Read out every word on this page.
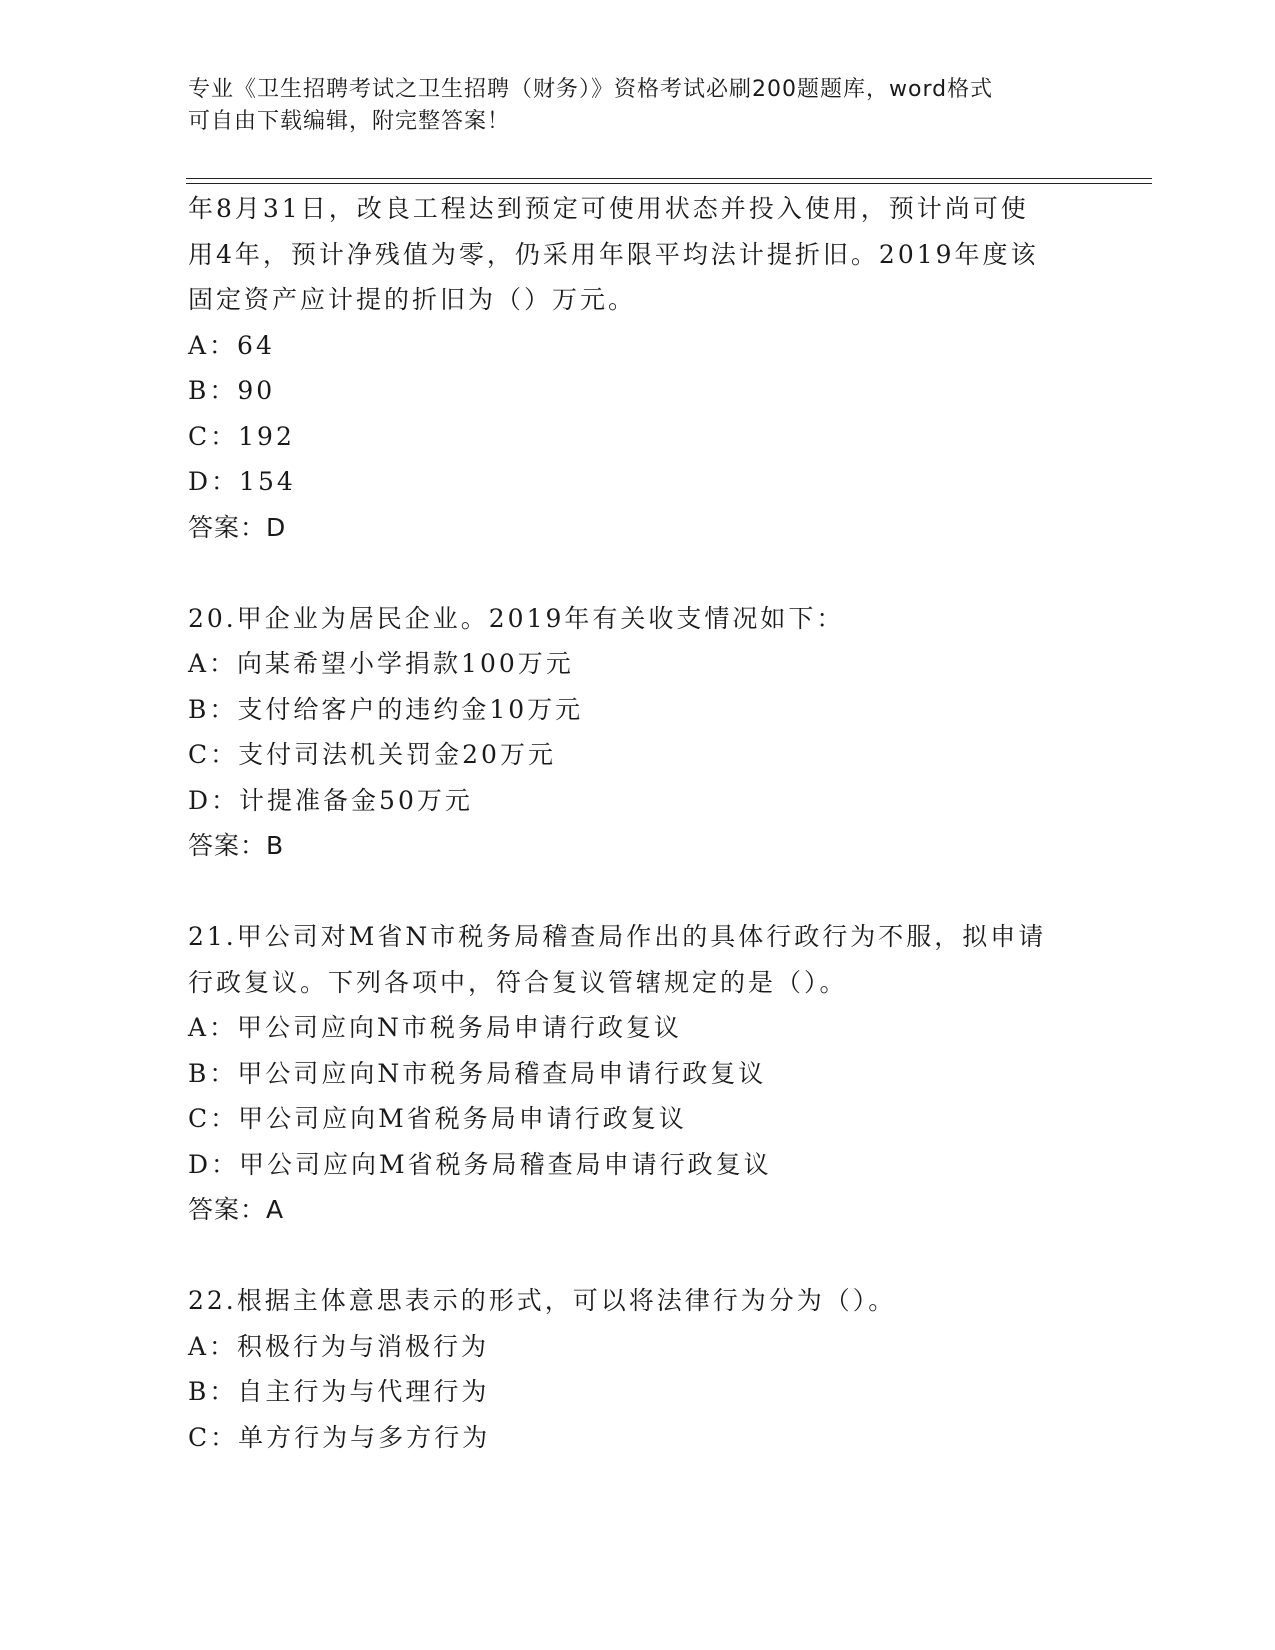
专业《卫生招聘考试之卫生招聘（财务）》资格考试必刷200题题库，word格式
可自由下载编辑，附完整答案！
年8月31日，改良工程达到预定可使用状态并投入使用，预计尚可使
用4年，预计净残值为零，仍采用年限平均法计提折旧。2019年度该
固定资产应计提的折旧为（）万元。
A：64
B：90
C：192
D：154
答案：D
20.甲企业为居民企业。2019年有关收支情况如下：
A：向某希望小学捐款100万元
B：支付给客户的违约金10万元
C：支付司法机关罚金20万元
D：计提准备金50万元
答案：B
21.甲公司对M省N市税务局稽查局作出的具体行政行为不服，拟申请
行政复议。下列各项中，符合复议管辖规定的是（）。
A：甲公司应向N市税务局申请行政复议
B：甲公司应向N市税务局稽查局申请行政复议
C：甲公司应向M省税务局申请行政复议
D：甲公司应向M省税务局稽查局申请行政复议
答案：A
22.根据主体意思表示的形式，可以将法律行为分为（）。
A：积极行为与消极行为
B：自主行为与代理行为
C：单方行为与多方行为
